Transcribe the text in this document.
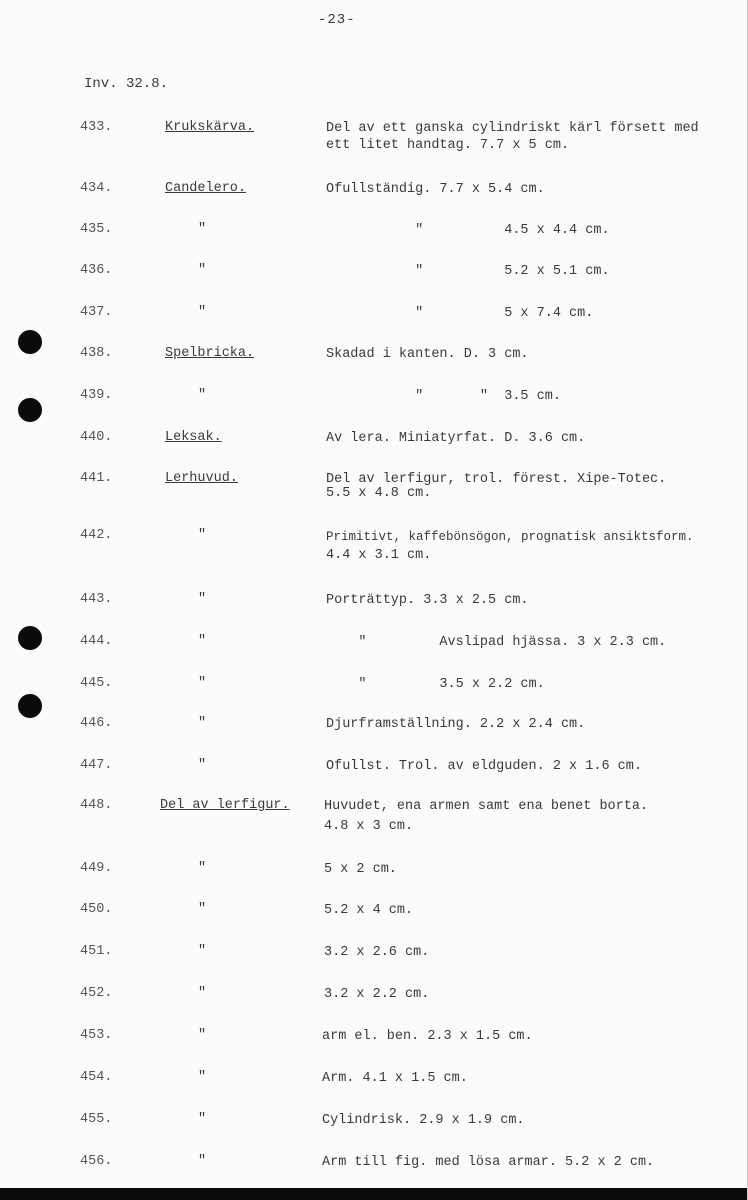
-23-
Inv. 32.8.
433.	Krukskärva.	Del av ett ganska cylindriskt kärl försett med
ett litet handtag. 7.7 x 5 cm.
434.	Candelero.	Ofullständig. 7.7 x 5.4 cm.
435.	"	"          4.5 x 4.4 cm.
436.	"	"          5.2 x 5.1 cm.
437.	"	"          5 x 7.4 cm.
438.	Spelbricka.	Skadad i kanten. D. 3 cm.
439.	"	"       "  3.5 cm.
440.	Leksak.	Av lera. Miniatyrfat. D. 3.6 cm.
441.	Lerhuvud.	Del av lerfigur, trol. förest. Xipe-Totec.
5.5 x 4.8 cm.
442.	"	Primitivt, kaffebönsögon, prognatisk ansiktsform.
4.4 x 3.1 cm.
443.	"	Porträttyp. 3.3 x 2.5 cm.
444.	"	"         Avslipad hjässa. 3 x 2.3 cm.
445.	"	"         3.5 x 2.2 cm.
446.	"	Djurframställning. 2.2 x 2.4 cm.
447.	"	Ofullst. Trol. av eldguden. 2 x 1.6 cm.
448.	Del av lerfigur.	Huvudet, ena armen samt ena benet borta.
4.8 x 3 cm.
449.	"	5 x 2 cm.
450.	"	5.2 x 4 cm.
451.	"	3.2 x 2.6 cm.
452.	"	3.2 x 2.2 cm.
453.	"	arm el. ben. 2.3 x 1.5 cm.
454.	"	Arm. 4.1 x 1.5 cm.
455.	"	Cylindrisk. 2.9 x 1.9 cm.
456.	"	Arm till fig. med lösa armar. 5.2 x 2 cm.
